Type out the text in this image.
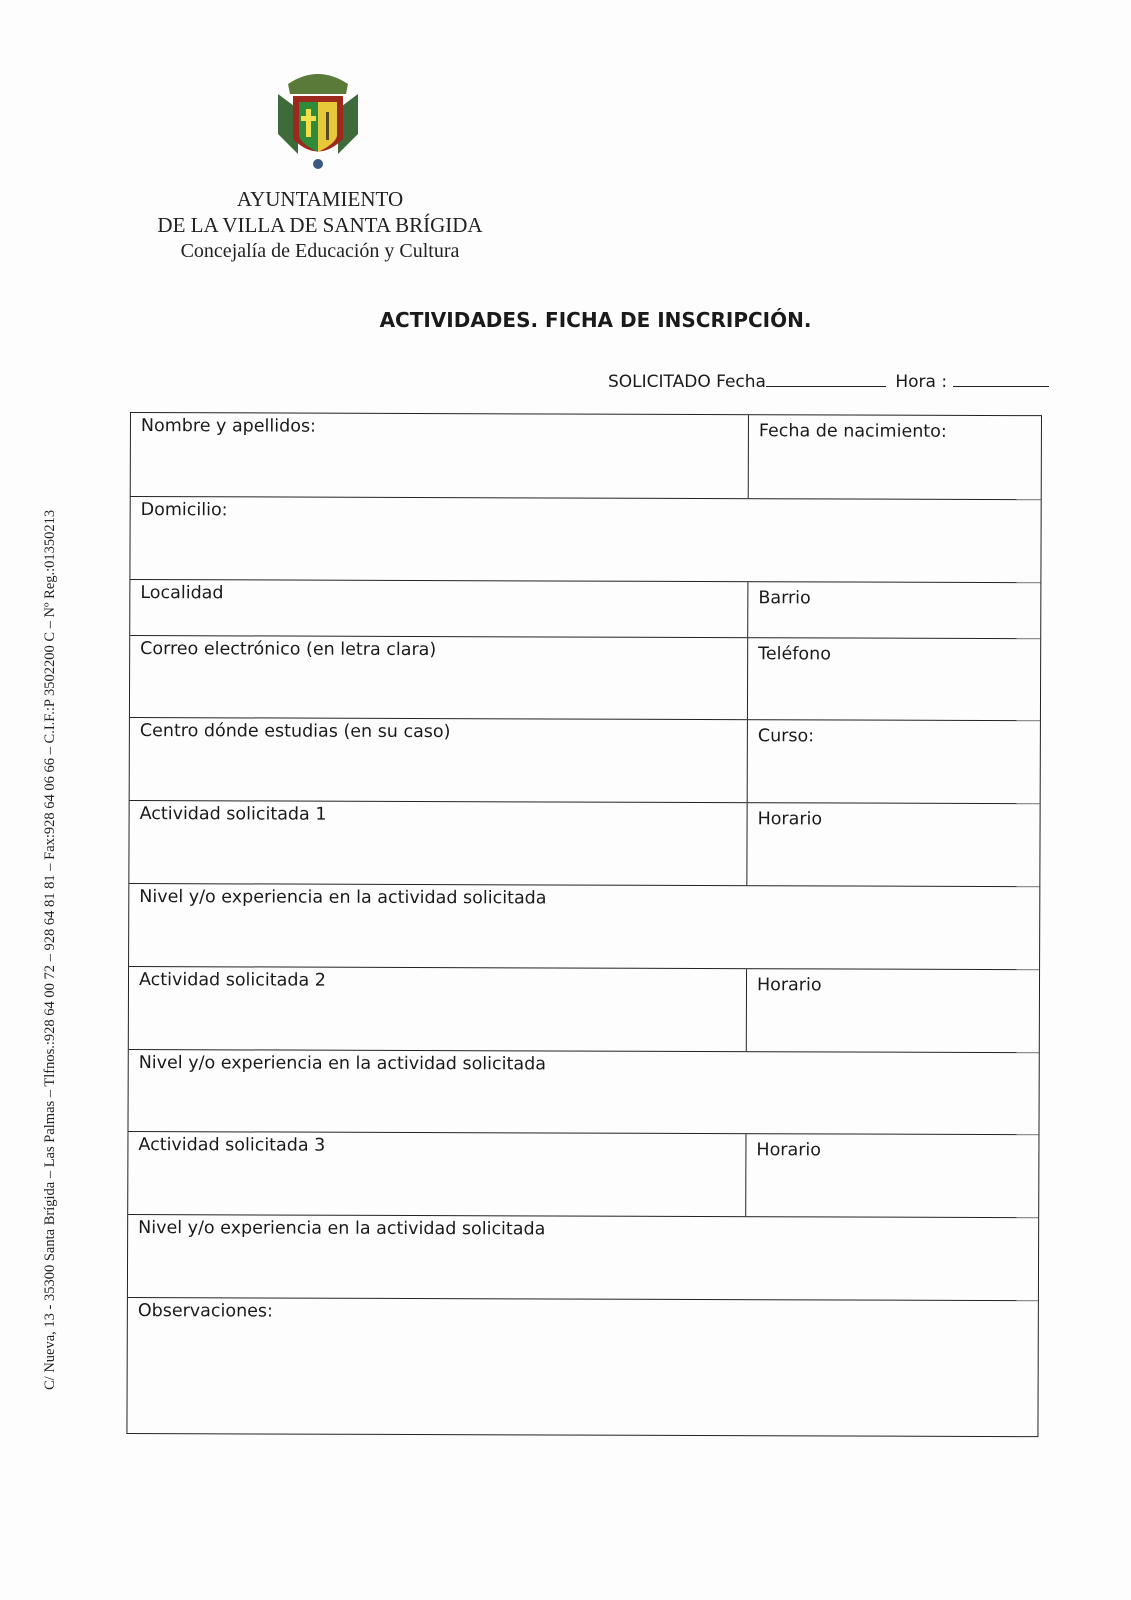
AYUNTAMIENTO
DE LA VILLA DE SANTA BRÍGIDA
Concejalía de Educación y Cultura
C/ Nueva, 13 - 35300 Santa Brígida – Las Palmas – Tlfnos.:928 64 00 72 – 928 64 81 81 – Fax:928 64 06 66 – C.I.F.:P 3502200 C – Nº Reg.:01350213
ACTIVIDADES. FICHA DE INSCRIPCIÓN.
SOLICITADO Fecha	Hora :
Nombre y apellidos:	Fecha de nacimiento:
Domicilio:
Localidad	Barrio
Correo electrónico (en letra clara)	Teléfono
Centro dónde estudias (en su caso)	Curso:
Actividad solicitada 1	Horario
Nivel y/o experiencia en la actividad solicitada
Actividad solicitada 2	Horario
Nivel y/o experiencia en la actividad solicitada
Actividad solicitada 3	Horario
Nivel y/o experiencia en la actividad solicitada
Observaciones:
